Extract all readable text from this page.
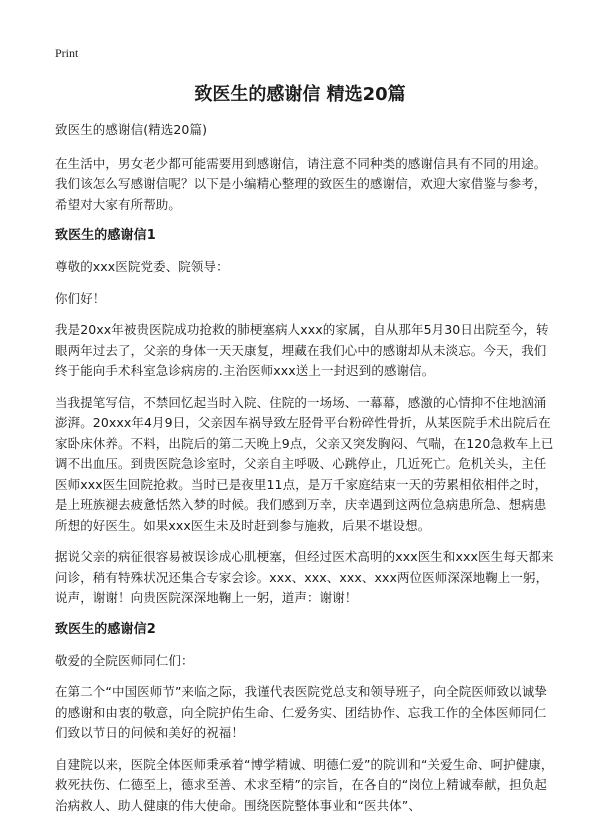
Print
致医生的感谢信 精选20篇

致医生的感谢信(精选20篇)

在生活中，男女老少都可能需要用到感谢信，请注意不同种类的感谢信具有不同的用途。我们该怎么写感谢信呢？以下是小编精心整理的致医生的感谢信，欢迎大家借鉴与参考，希望对大家有所帮助。

致医生的感谢信1

尊敬的xxx医院党委、院领导：

你们好！

我是20xx年被贵医院成功抢救的肺梗塞病人xxx的家属，自从那年5月30日出院至今，转眼两年过去了，父亲的身体一天天康复，埋藏在我们心中的感谢却从未淡忘。今天，我们终于能向手术科室急诊病房的.主治医师xxx送上一封迟到的感谢信。

当我提笔写信，不禁回忆起当时入院、住院的一场场、一幕幕，感激的心情抑不住地汹涌澎湃。20xxx年4月9日，父亲因车祸导致左胫骨平台粉碎性骨折，从某医院手术出院后在家卧床休养。不料，出院后的第二天晚上9点，父亲又突发胸闷、气喘，在120急救车上已调不出血压。到贵医院急诊室时，父亲自主呼吸、心跳停止，几近死亡。危机关头，主任医师xxx医生回院抢救。当时已是夜里11点，是万千家庭结束一天的劳累相依相伴之时，是上班族褪去疲惫恬然入梦的时候。我们感到万幸，庆幸遇到这两位急病患所急、想病患所想的好医生。如果xxx医生未及时赶到参与施救，后果不堪设想。

据说父亲的病征很容易被误诊成心肌梗塞，但经过医术高明的xxx医生和xxx医生每天都来问诊，稍有特殊状况还集合专家会诊。xxx、xxx、xxx、xxx两位医师深深地鞠上一躬，说声，谢谢！向贵医院深深地鞠上一躬，道声：谢谢！

致医生的感谢信2

敬爱的全院医师同仁们：

在第二个“中国医师节”来临之际，我谨代表医院党总支和领导班子，向全院医师致以诚挚的感谢和由衷的敬意，向全院护佑生命、仁爱务实、团结协作、忘我工作的全体医师同仁们致以节日的问候和美好的祝福！

自建院以来，医院全体医师秉承着“博学精诚、明德仁爱”的院训和“关爱生命、呵护健康，救死扶伤、仁德至上，德求至善、术求至精”的宗旨，在各自的“岗位上精诚奉献，担负起治病救人、助人健康的伟大使命。围绕医院整体事业和“医共体”、
